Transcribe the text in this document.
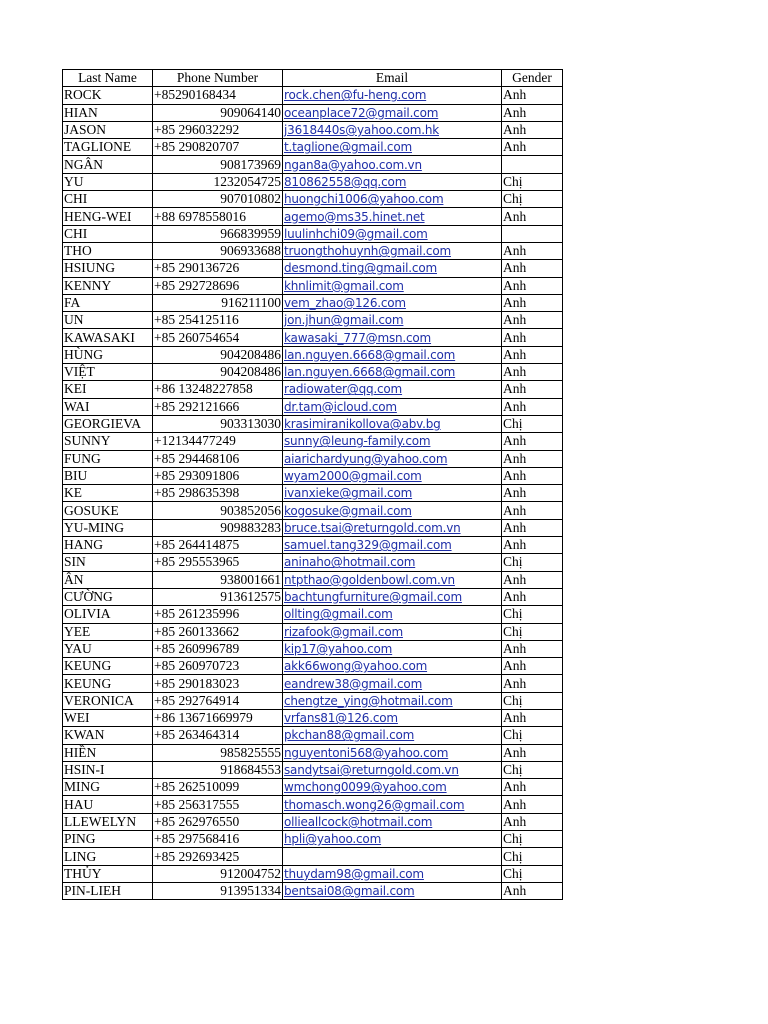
Last Name	Phone Number	Email	Gender
ROCK	+85290168434	rock.chen@fu-heng.com	Anh
HIAN	909064140	oceanplace72@gmail.com	Anh
JASON	+85 296032292	j3618440s@yahoo.com.hk	Anh
TAGLIONE	+85 290820707	t.taglione@gmail.com	Anh
NGÂN	908173969	ngan8a@yahoo.com.vn	
YU	1232054725	810862558@qq.com	Chị
CHI	907010802	huongchi1006@yahoo.com	Chị
HENG-WEI	+88 6978558016	agemo@ms35.hinet.net	Anh
CHI	966839959	luulinhchi09@gmail.com	
THO	906933688	truongthohuynh@gmail.com	Anh
HSIUNG	+85 290136726	desmond.ting@gmail.com	Anh
KENNY	+85 292728696	khnlimit@gmail.com	Anh
FA	916211100	vem_zhao@126.com	Anh
UN	+85 254125116	jon.jhun@gmail.com	Anh
KAWASAKI	+85 260754654	kawasaki_777@msn.com	Anh
HÙNG	904208486	lan.nguyen.6668@gmail.com	Anh
VIỆT	904208486	lan.nguyen.6668@gmail.com	Anh
KEI	+86 13248227858	radiowater@qq.com	Anh
WAI	+85 292121666	dr.tam@icloud.com	Anh
GEORGIEVA	903313030	krasimiranikollova@abv.bg	Chị
SUNNY	+12134477249	sunny@leung-family.com	Anh
FUNG	+85 294468106	aiarichardyung@yahoo.com	Anh
BIU	+85 293091806	wyam2000@gmail.com	Anh
KE	+85 298635398	ivanxieke@gmail.com	Anh
GOSUKE	903852056	kogosuke@gmail.com	Anh
YU-MING	909883283	bruce.tsai@returngold.com.vn	Anh
HANG	+85 264414875	samuel.tang329@gmail.com	Anh
SIN	+85 295553965	aninaho@hotmail.com	Chị
ÂN	938001661	ntpthao@goldenbowl.com.vn	Anh
CƯỜNG	913612575	bachtungfurniture@gmail.com	Anh
OLIVIA	+85 261235996	ollting@gmail.com	Chị
YEE	+85 260133662	rizafook@gmail.com	Chị
YAU	+85 260996789	kip17@yahoo.com	Anh
KEUNG	+85 260970723	akk66wong@yahoo.com	Anh
KEUNG	+85 290183023	eandrew38@gmail.com	Anh
VERONICA	+85 292764914	chengtze_ying@hotmail.com	Chị
WEI	+86 13671669979	vrfans81@126.com	Anh
KWAN	+85 263464314	pkchan88@gmail.com	Chị
HIỀN	985825555	nguyentoni568@yahoo.com	Anh
HSIN-I	918684553	sandytsai@returngold.com.vn	Chị
MING	+85 262510099	wmchong0099@yahoo.com	Anh
HAU	+85 256317555	thomasch.wong26@gmail.com	Anh
LLEWELYN	+85 262976550	ollieallcock@hotmail.com	Anh
PING	+85 297568416	hpli@yahoo.com	Chị
LING	+85 292693425		Chị
THỦY	912004752	thuydam98@gmail.com	Chị
PIN-LIEH	913951334	bentsai08@gmail.com	Anh
